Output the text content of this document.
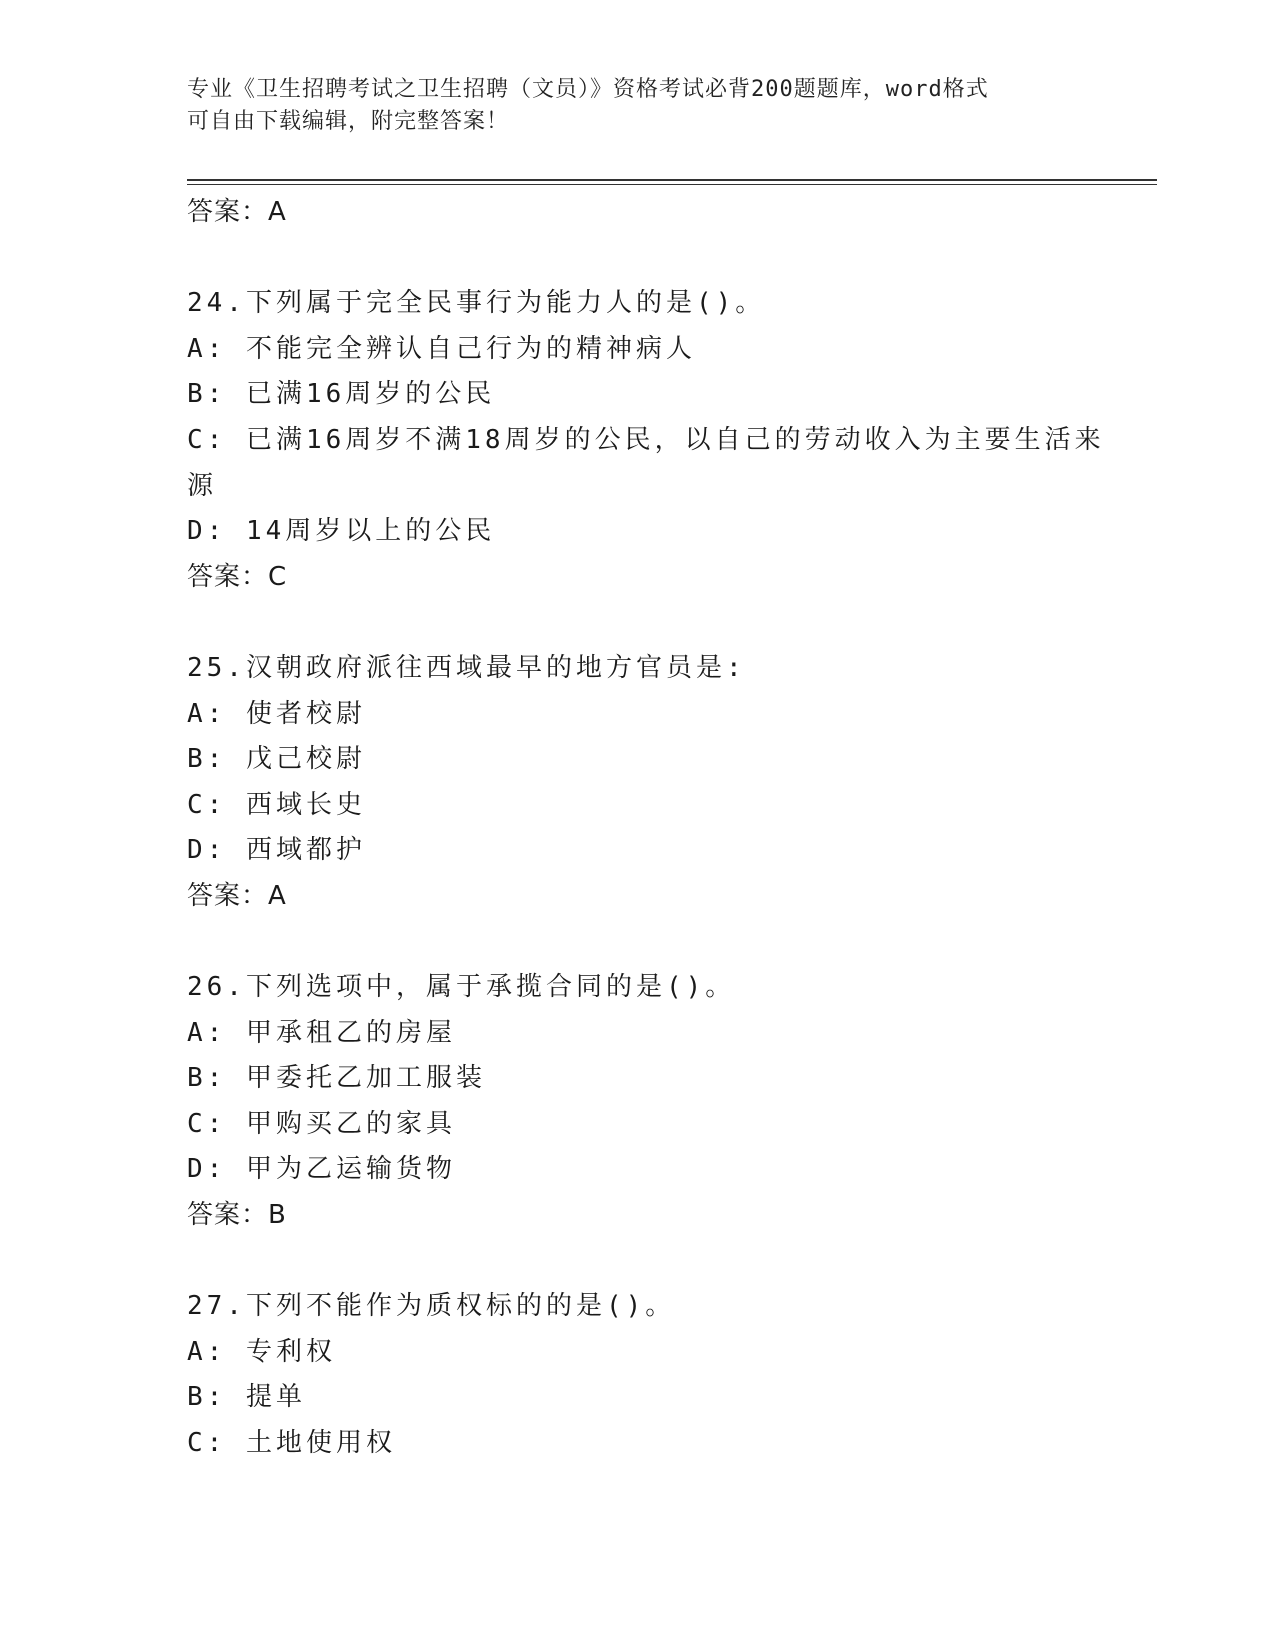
专业《卫生招聘考试之卫生招聘（文员）》资格考试必背200题题库，word格式
可自由下载编辑，附完整答案！
答案：A
24.下列属于完全民事行为能力人的是()。
A: 不能完全辨认自己行为的精神病人
B: 已满16周岁的公民
C: 已满16周岁不满18周岁的公民，以自己的劳动收入为主要生活来
源
D: 14周岁以上的公民
答案：C
25.汉朝政府派往西域最早的地方官员是:
A: 使者校尉
B: 戊己校尉
C: 西域长史
D: 西域都护
答案：A
26.下列选项中，属于承揽合同的是()。
A: 甲承租乙的房屋
B: 甲委托乙加工服装
C: 甲购买乙的家具
D: 甲为乙运输货物
答案：B
27.下列不能作为质权标的的是()。
A: 专利权
B: 提单
C: 土地使用权
